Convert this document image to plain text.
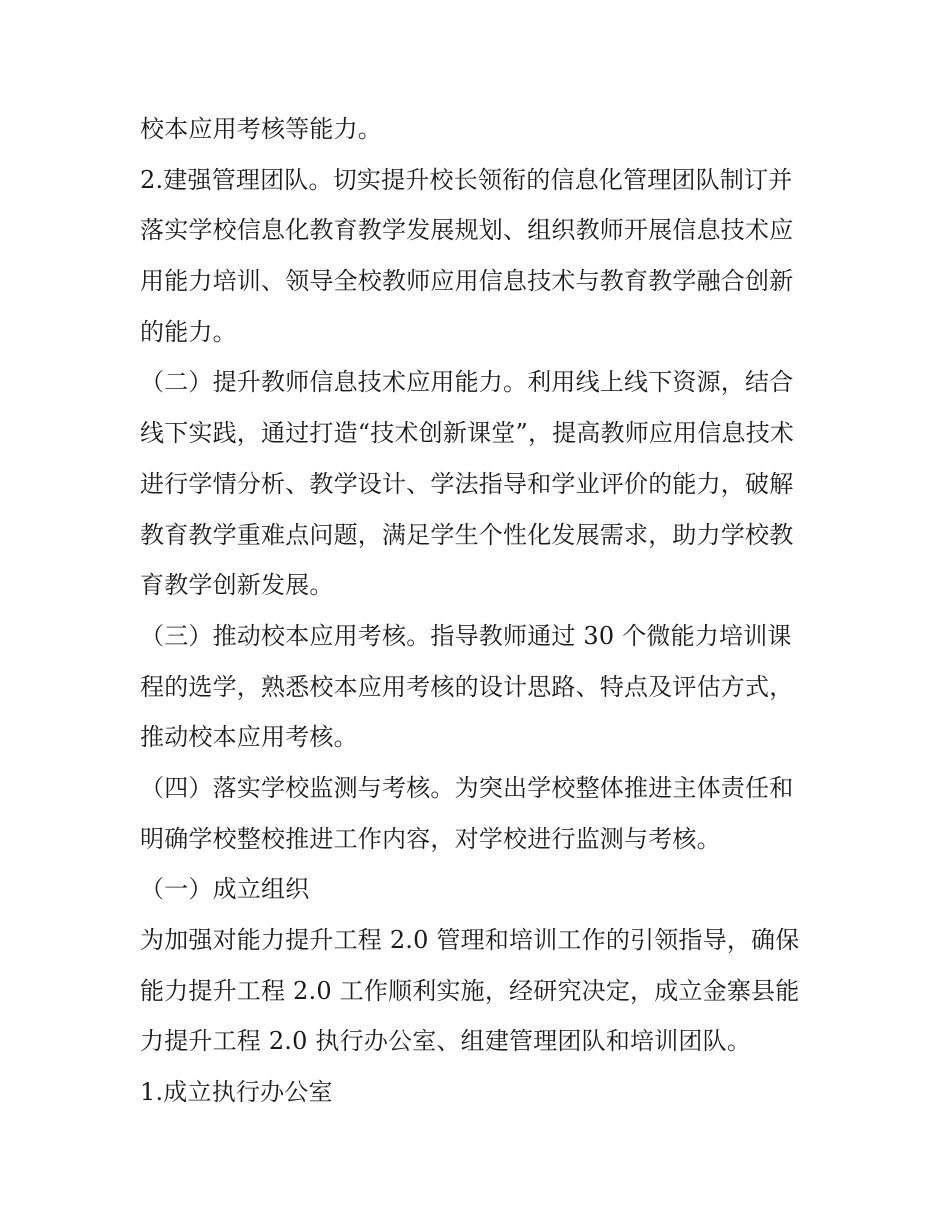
校本应用考核等能力。
2.建强管理团队。切实提升校长领衔的信息化管理团队制订并
落实学校信息化教育教学发展规划、组织教师开展信息技术应
用能力培训、领导全校教师应用信息技术与教育教学融合创新
的能力。
（二）提升教师信息技术应用能力。利用线上线下资源，结合
线下实践，通过打造“技术创新课堂”，提高教师应用信息技术
进行学情分析、教学设计、学法指导和学业评价的能力，破解
教育教学重难点问题，满足学生个性化发展需求，助力学校教
育教学创新发展。
（三）推动校本应用考核。指导教师通过 30 个微能力培训课
程的选学，熟悉校本应用考核的设计思路、特点及评估方式，
推动校本应用考核。
（四）落实学校监测与考核。为突出学校整体推进主体责任和
明确学校整校推进工作内容，对学校进行监测与考核。
（一）成立组织
为加强对能力提升工程 2.0 管理和培训工作的引领指导，确保
能力提升工程 2.0 工作顺利实施，经研究决定，成立金寨县能
力提升工程 2.0 执行办公室、组建管理团队和培训团队。
1.成立执行办公室
